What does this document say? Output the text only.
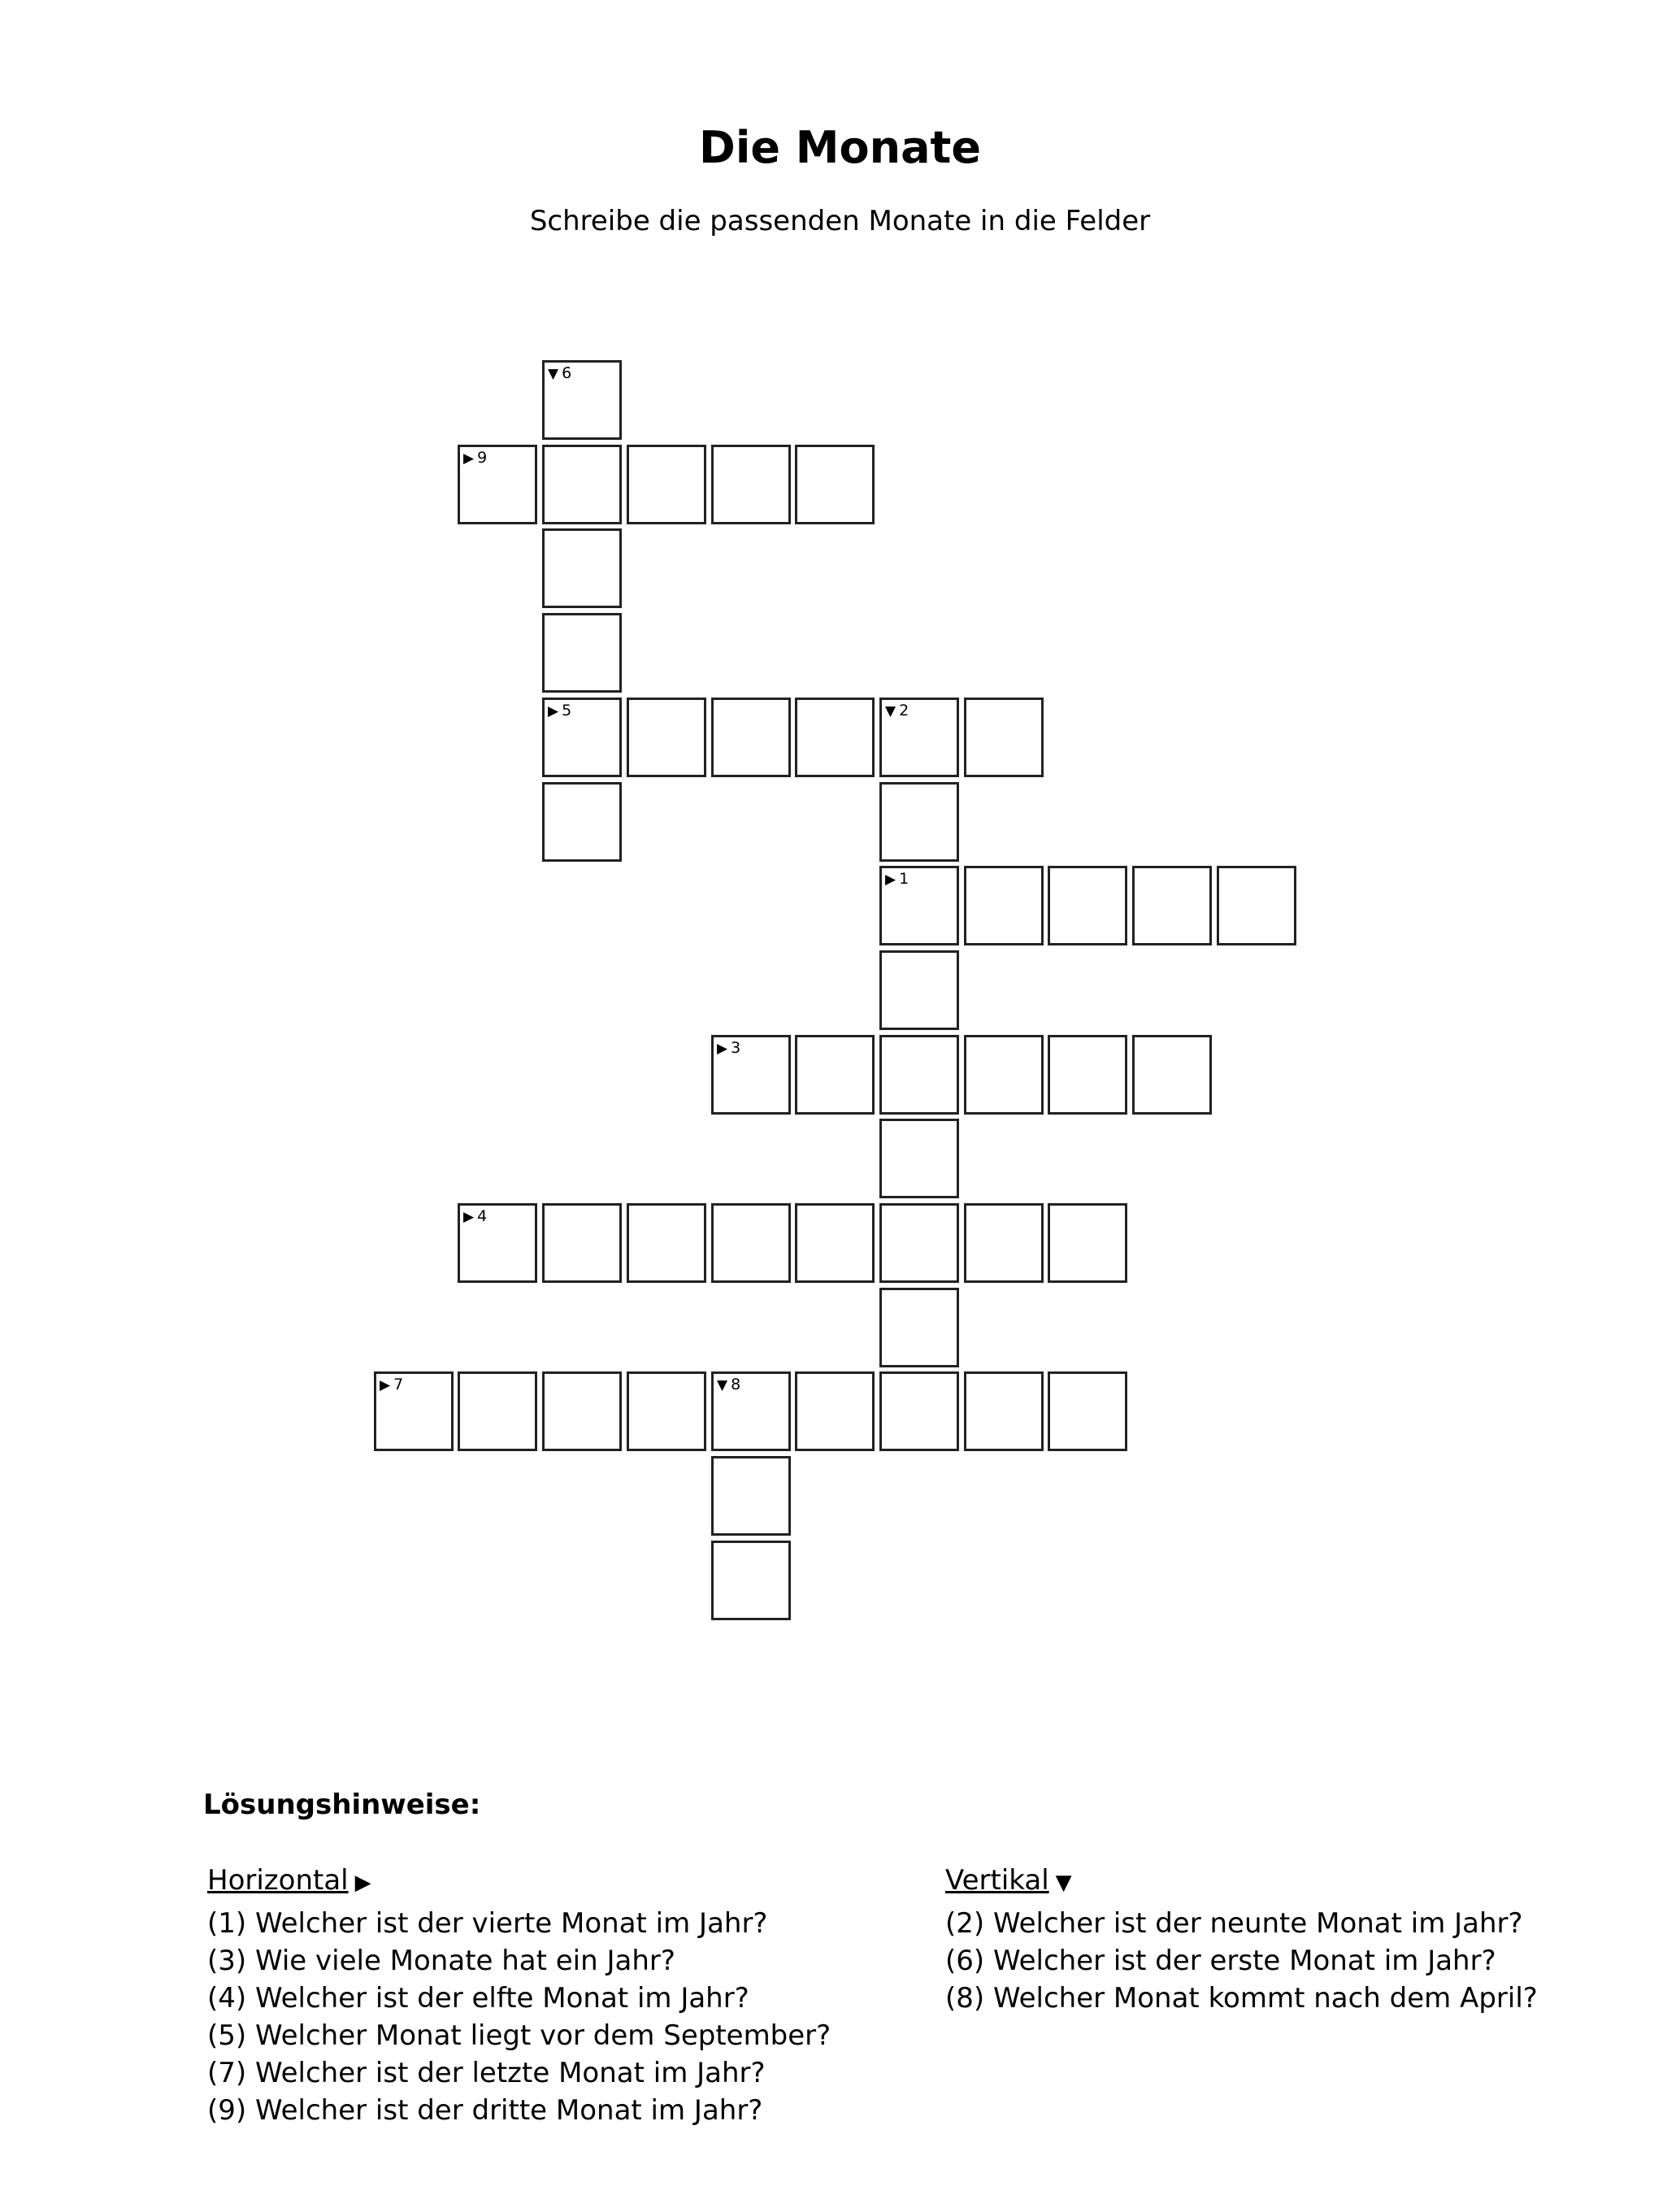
Die Monate
Schreibe die passenden Monate in die Felder
▼ 6
▶ 9
▶ 5	▼ 2
▶ 1
▶ 3
▶ 4
▶ 7	▼ 8
Lösungshinweise:
Horizontal ▶
(1) Welcher ist der vierte Monat im Jahr?
(3) Wie viele Monate hat ein Jahr?
(4) Welcher ist der elfte Monat im Jahr?
(5) Welcher Monat liegt vor dem September?
(7) Welcher ist der letzte Monat im Jahr?
(9) Welcher ist der dritte Monat im Jahr?
Vertikal ▼
(2) Welcher ist der neunte Monat im Jahr?
(6) Welcher ist der erste Monat im Jahr?
(8) Welcher Monat kommt nach dem April?
